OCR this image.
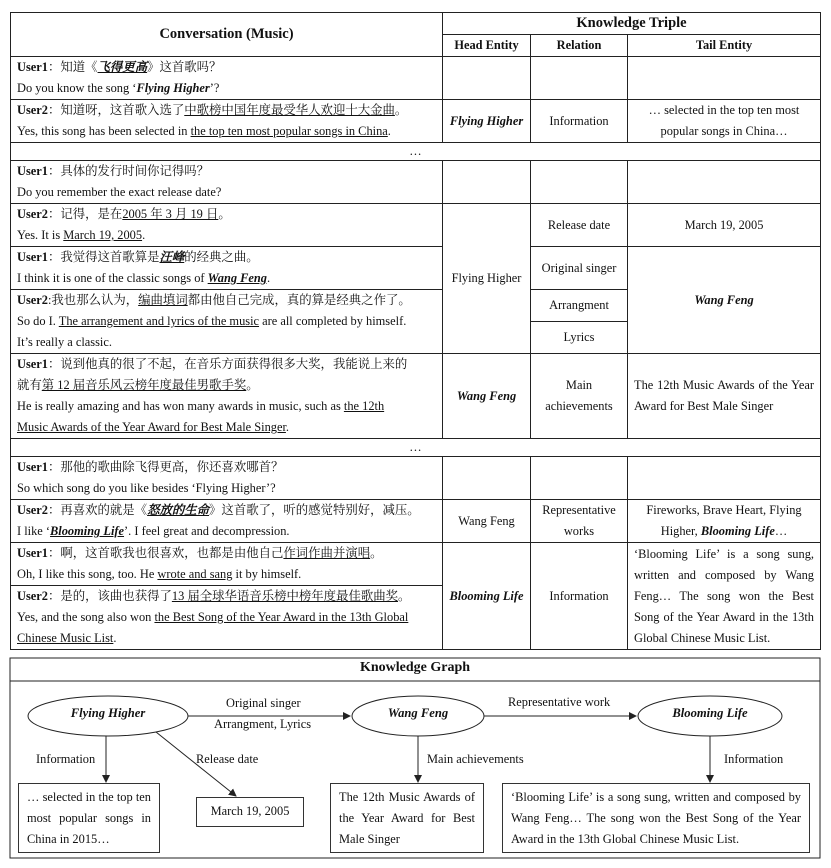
Conversation (Music)	Knowledge Triple		
	Head Entity	Relation	Tail Entity
User1：知道《飞得更高》这首歌吗？
Do you know the song ‘Flying Higher’?			
User2：知道呀，这首歌入选了中歌榜中国年度最受华人欢迎十大金曲。
Yes, this song has been selected in the top ten most popular songs in China.	Flying Higher	Information	… selected in the top ten most popular songs in China…
…			
User1：具体的发行时间你记得吗？
Do you remember the exact release date?			
User2：记得，是在2005 年 3 月 19 日。
Yes. It is March 19, 2005.	Flying Higher	Release date	March 19, 2005
User1：我觉得这首歌算是汪峰的经典之曲。
I think it is one of the classic songs of Wang Feng.		Original singer	Wang Feng
User2:我也那么认为，编曲填词都由他自己完成，真的算是经典之作了。
So do I. The arrangement and lyrics of the music are all completed by himself.
It’s really a classic.		Arrangment	
		Lyrics	
User1：说到他真的很了不起，在音乐方面获得很多大奖，我能说上来的
就有第 12 届音乐风云榜年度最佳男歌手奖。
He is really amazing and has won many awards in music, such as the 12th
Music Awards of the Year Award for Best Male Singer.	Wang Feng	Main achievements	The 12th Music Awards of the Year Award for Best Male Singer
…			
User1：那他的歌曲除飞得更高，你还喜欢哪首？
So which song do you like besides ‘Flying Higher’?			
User2：再喜欢的就是《怒放的生命》这首歌了，听的感觉特别好，减压。
I like ‘Blooming Life’. I feel great and decompression.	Wang Feng	Representative works	Fireworks, Brave Heart, Flying Higher, Blooming Life…
User1：啊，这首歌我也很喜欢，也都是由他自己作词作曲并演唱。
Oh, I like this song, too. He wrote and sang it by himself.	Blooming Life	Information	‘Blooming Life’ is a song sung, written and composed by Wang Feng… The song won the Best Song of the Year Award in the 13th Global Chinese Music List.
User2：是的，该曲也获得了13 届全球华语音乐榜中榜年度最佳歌曲奖。
Yes, and the song also won the Best Song of the Year Award in the 13th Global
Chinese Music List.			
Knowledge Graph
Flying Higher	Wang Feng	Blooming Life
Original singer
Arrangment, Lyrics
Representative work
Information	Release date	Main achievements	Information
… selected in the top ten most popular songs in China in 2015…
March 19, 2005
The 12th Music Awards of the Year Award for Best Male Singer
‘Blooming Life’ is a song sung, written and composed by Wang Feng… The song won the Best Song of the Year Award in the 13th Global Chinese Music List.
